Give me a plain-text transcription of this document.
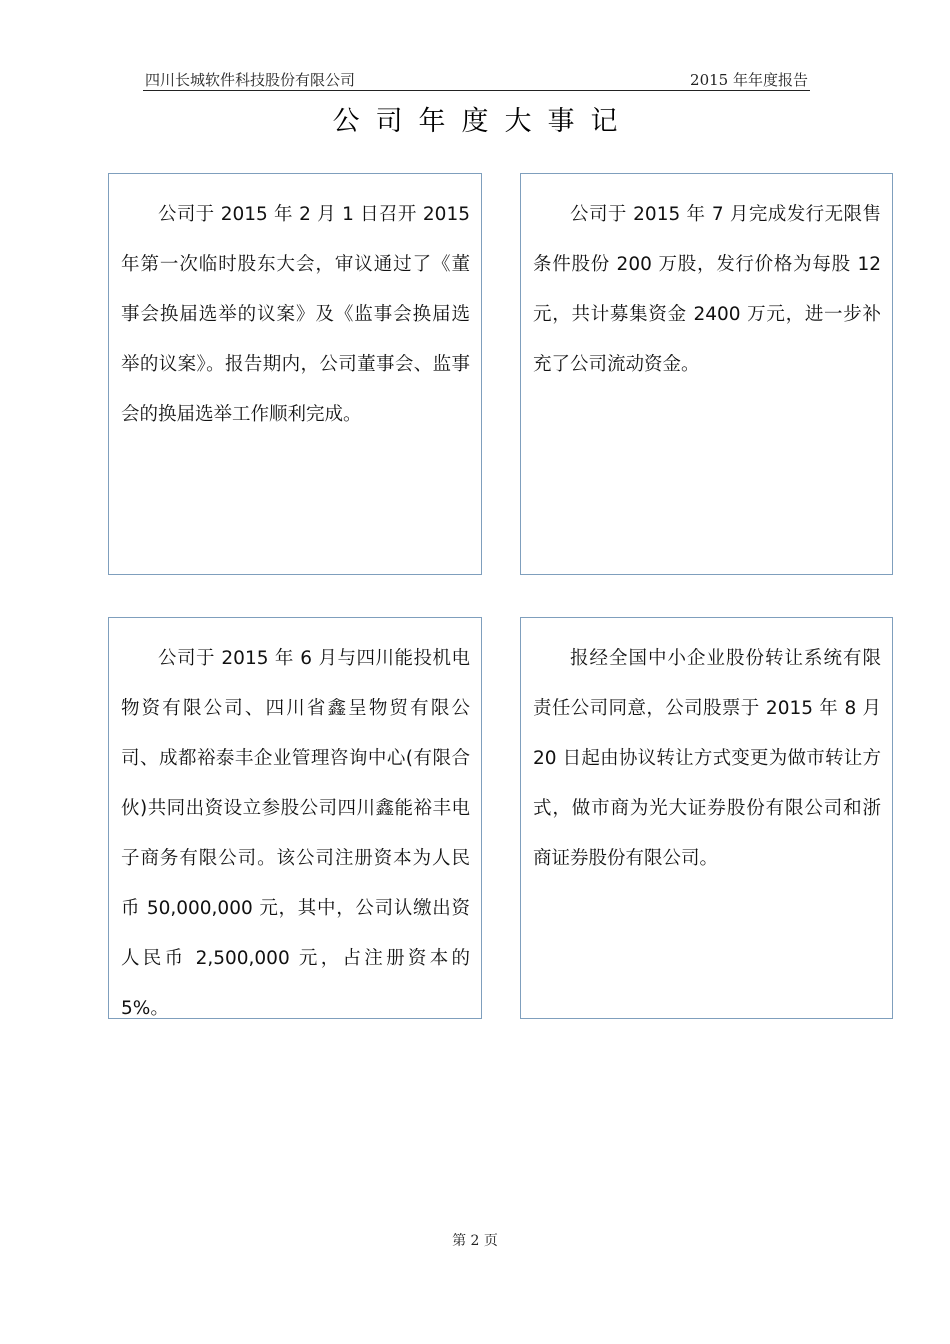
四川长城软件科技股份有限公司	2015 年年度报告
公司年度大事记

公司于 2015 年 2 月 1 日召开 2015 年第一次临时股东大会，审议通过了《董事会换届选举的议案》及《监事会换届选举的议案》。报告期内，公司董事会、监事会的换届选举工作顺利完成。

公司于 2015 年 7 月完成发行无限售条件股份 200 万股，发行价格为每股 12 元，共计募集资金 2400 万元，进一步补充了公司流动资金。

公司于 2015 年 6 月与四川能投机电物资有限公司、四川省鑫呈物贸有限公司、成都裕泰丰企业管理咨询中心(有限合伙)共同出资设立参股公司四川鑫能裕丰电子商务有限公司。该公司注册资本为人民币 50,000,000 元，其中，公司认缴出资人民币 2,500,000 元，占注册资本的 5%。

报经全国中小企业股份转让系统有限责任公司同意，公司股票于 2015 年 8 月 20 日起由协议转让方式变更为做市转让方式，做市商为光大证券股份有限公司和浙商证券股份有限公司。

第 2 页
